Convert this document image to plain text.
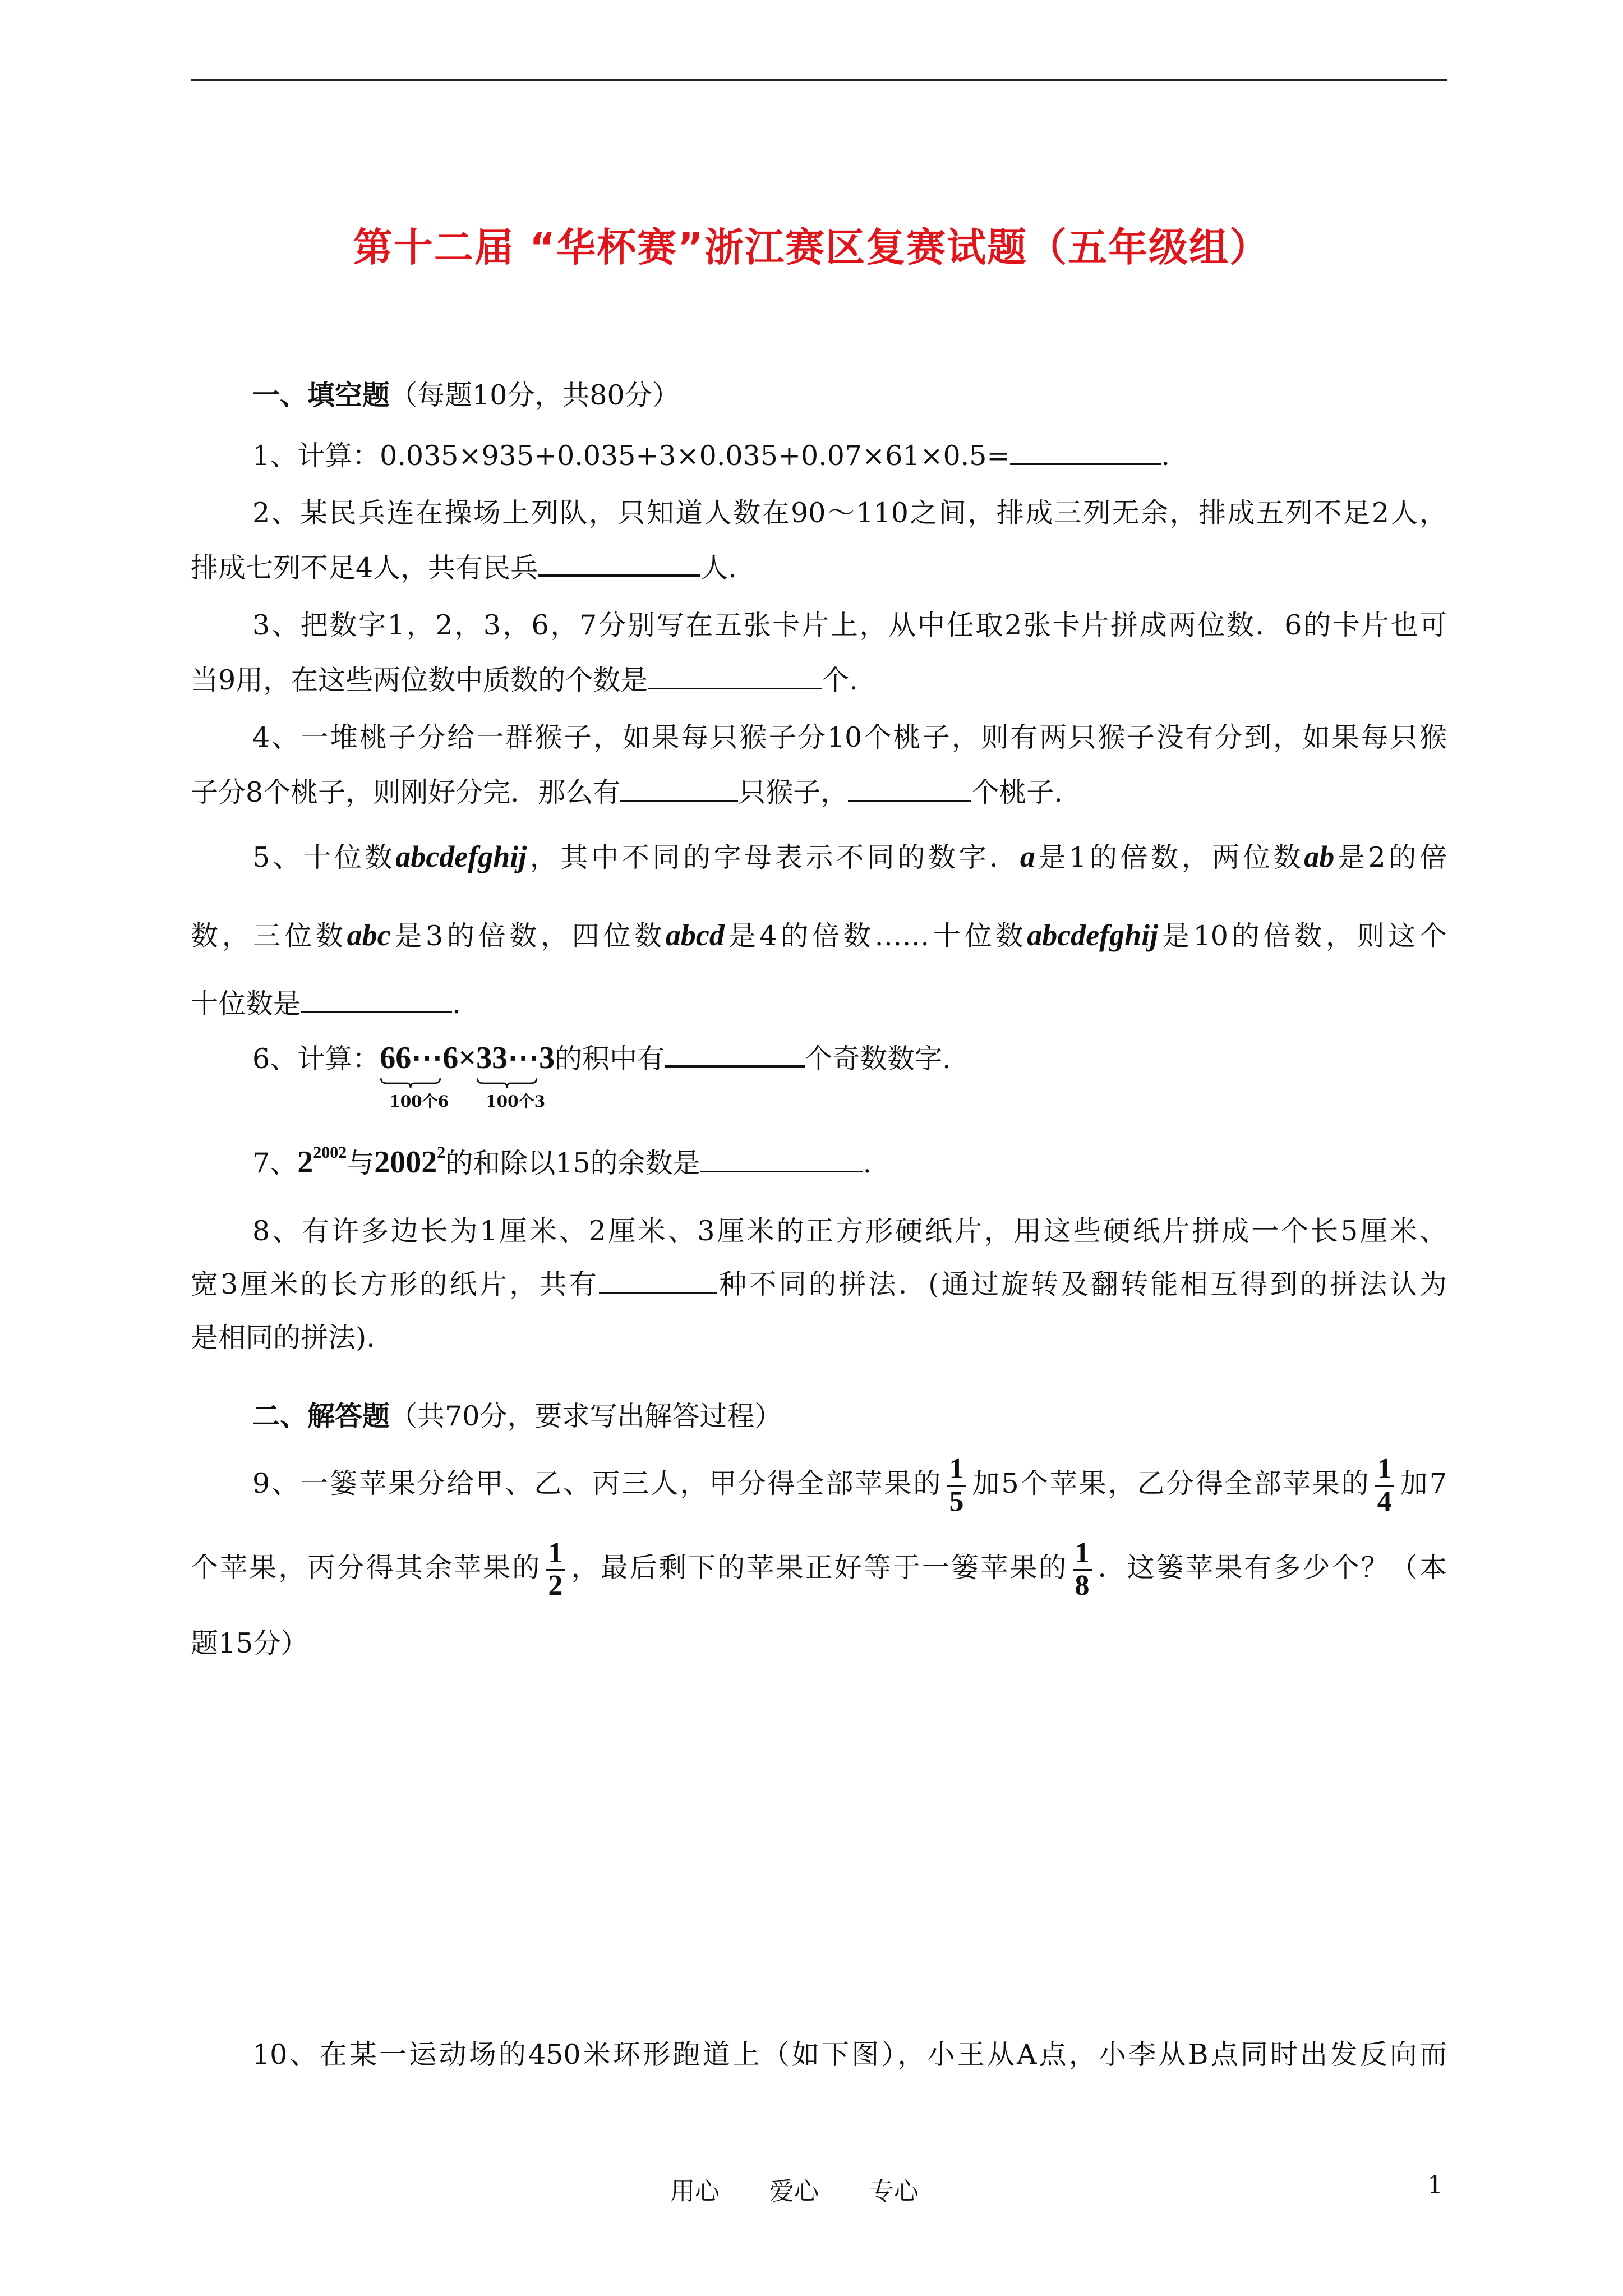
第十二届 “华杯赛”浙江赛区复赛试题（五年级组）
一、填空题（每题10分，共80分）
1、计算：0.035×935+0.035+3×0.035+0.07×61×0.5=	.
2、某民兵连在操场上列队，只知道人数在90～110之间，排成三列无余，排成五列不足2人，
排成七列不足4人，共有民兵	人.
3、把数字1，2，3，6，7分别写在五张卡片上，从中任取2张卡片拼成两位数．6的卡片也可
当9用，在这些两位数中质数的个数是	个.
4、一堆桃子分给一群猴子，如果每只猴子分10个桃子，则有两只猴子没有分到，如果每只猴
子分8个桃子，则刚好分完．那么有	只猴子，	个桃子.
5、十位数abcdefghij，其中不同的字母表示不同的数字．a是1的倍数，两位数ab是2的倍
数，三位数abc是3的倍数，四位数abcd是4的倍数……十位数abcdefghij是10的倍数，则这个
十位数是	.
6、计算：66⋯6
100个6
×33⋯3
100个3
的积中有	个奇数数字.
7、$2^{2002}$与2002$^2$的和除以15的余数是	.
8、有许多边长为1厘米、2厘米、3厘米的正方形硬纸片，用这些硬纸片拼成一个长5厘米、
宽3厘米的长方形的纸片，共有	种不同的拼法．(通过旋转及翻转能相互得到的拼法认为
是相同的拼法).
二、解答题（共70分，要求写出解答过程）
9、一篓苹果分给甲、乙、丙三人，甲分得全部苹果的 $\frac{1}{5}$ 加5个苹果，乙分得全部苹果的 $\frac{1}{4}$ 加7
个苹果，丙分得其余苹果的 $\frac{1}{2}$ ，最后剩下的苹果正好等于一篓苹果的 $\frac{1}{8}$ ．这篓苹果有多少个？（本
题15分）
10、在某一运动场的450米环形跑道上（如下图），小王从A点，小李从B点同时出发反向而
用心 爱心 专心	1
